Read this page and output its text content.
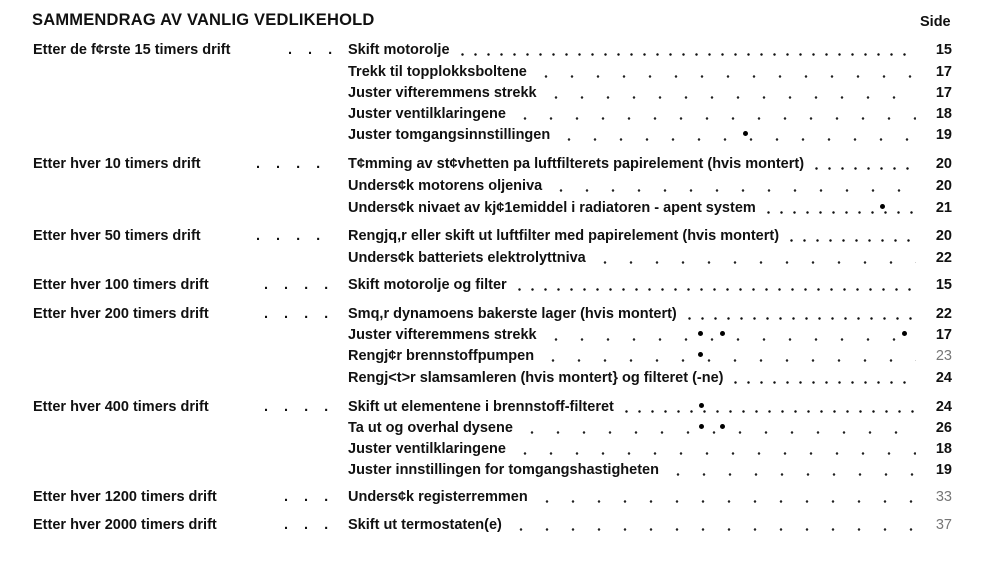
SAMMENDRAG AV VANLIG VEDLIKEHOLD	Side
Etter de f¢rste 15 timers drift	. . . Skift motorolje	15
Trekk til topplokksboltene	17
Juster vifteremmens strekk	17
Juster ventilklaringene	18
Juster tomgangsinnstillingen	19
Etter hver 10 timers drift	. . . . T¢mming av st¢vhetten pa luftfilterets papirelement (hvis montert)	20
Unders¢k motorens oljeniva	20
Unders¢k nivaet av kj¢1emiddel i radiatoren - apent system	21
Etter hver 50 timers drift	. . . . Rengjq,r eller skift ut luftfilter med papirelement (hvis montert)	20
Unders¢k batteriets elektrolyttniva	22
Etter hver 100 timers drift	. . . . Skift motorolje og filter	15
Etter hver 200 timers drift	. . . . Smq,r dynamoens bakerste lager (hvis montert)	22
Juster vifteremmens strekk	17
Rengj¢r brennstoffpumpen	23
Rengj<t>r slamsamleren (hvis montert} og filteret (-ne)	24
Etter hver 400 timers drift	. . . . Skift ut elementene i brennstoff-filteret	24
Ta ut og overhal dysene	26
Juster ventilklaringene	18
Juster innstillingen for tomgangshastigheten	19
Etter hver 1200 timers drift	. . . Unders¢k registerremmen	33
Etter hver 2000 timers drift	. . . Skift ut termostaten(e)	37
